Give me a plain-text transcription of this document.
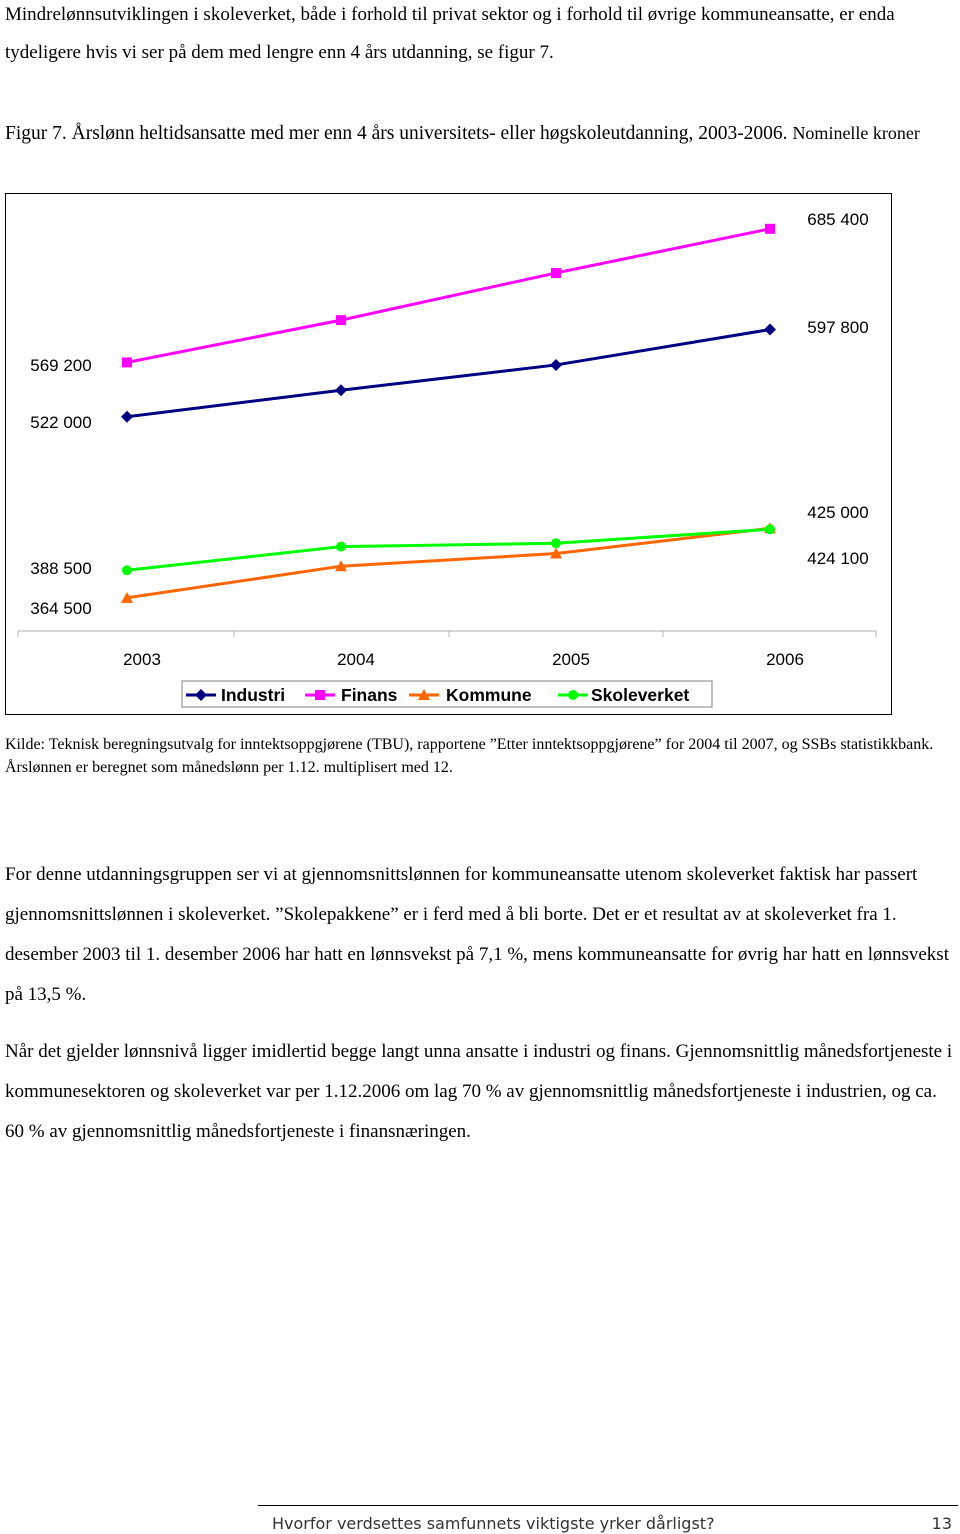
Mindrelønnsutviklingen i skoleverket, både i forhold til privat sektor og i forhold til øvrige kommuneansatte, er enda tydeligere hvis vi ser på dem med lengre enn 4 års utdanning, se figur 7.

Figur 7. Årslønn heltidsansatte med mer enn 4 års universitets- eller høgskoleutdanning, 2003-2006. Nominelle kroner

569 200
522 000
388 500
364 500
685 400
597 800
425 000
424 100
2003	2004	2005	2006
Industri	Finans	Kommune	Skoleverket
Kilde: Teknisk beregningsutvalg for inntektsoppgjørene (TBU), rapportene ”Etter inntektsoppgjørene” for 2004 til 2007, og SSBs statistikkbank.
Årslønnen er beregnet som månedslønn per 1.12. multiplisert med 12.

For denne utdanningsgruppen ser vi at gjennomsnittslønnen for kommuneansatte utenom skoleverket faktisk har passert gjennomsnittslønnen i skoleverket. ”Skolepakkene” er i ferd med å bli borte. Det er et resultat av at skoleverket fra 1. desember 2003 til 1. desember 2006 har hatt en lønnsvekst på 7,1 %, mens kommuneansatte for øvrig har hatt en lønnsvekst på 13,5 %.

Når det gjelder lønnsnivå ligger imidlertid begge langt unna ansatte i industri og finans. Gjennomsnittlig månedsfortjeneste i kommunesektoren og skoleverket var per 1.12.2006 om lag 70 % av gjennomsnittlig månedsfortjeneste i industrien, og ca. 60 % av gjennomsnittlig månedsfortjeneste i finansnæringen.

Hvorfor verdsettes samfunnets viktigste yrker dårligst?	13
